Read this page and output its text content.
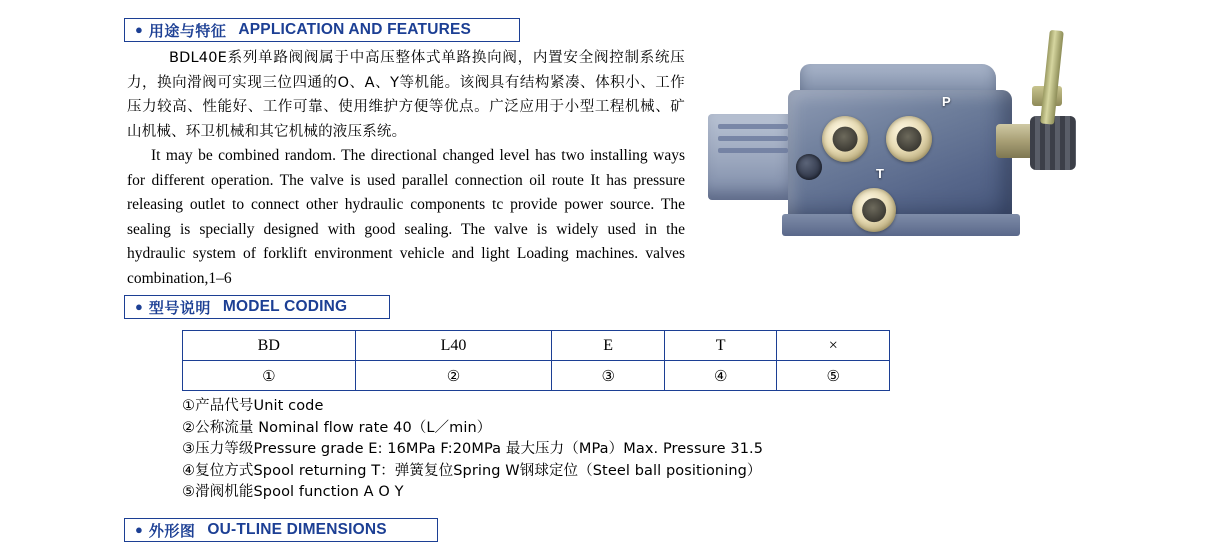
● 用途与特征 APPLICATION AND FEATURES

BDL40E系列单路阀阀属于中高压整体式单路换向阀，内置安全阀控制系统压力，换向滑阀可实现三位四通的O、A、Y等机能。该阀具有结构紧凑、体积小、工作压力较高、性能好、工作可靠、使用维护方便等优点。广泛应用于小型工程机械、矿山机械、环卫机械和其它机械的液压系统。

It may be combined random. The directional changed level has two installing ways for different operation. The valve is used parallel connection oil route It has pressure releasing outlet to connect other hydraulic components tc provide power source. The sealing is specially designed with good sealing. The valve is widely used in the hydraulic system of forklift environment vehicle and light Loading machines. valves combination,1–6

P
T
● 型号说明 MODEL CODING
BD	L40	E	T	×
①	②	③	④	⑤
①产品代号Unit code
②公称流量 Nominal flow rate 40（L／min）
③压力等级Pressure grade E: 16MPa F:20MPa 最大压力（MPa）Max. Pressure 31.5
④复位方式Spool returning T：弹簧复位Spring W钢球定位（Steel ball positioning）
⑤滑阀机能Spool function A O Y
● 外形图 OU-TLINE DIMENSIONS
